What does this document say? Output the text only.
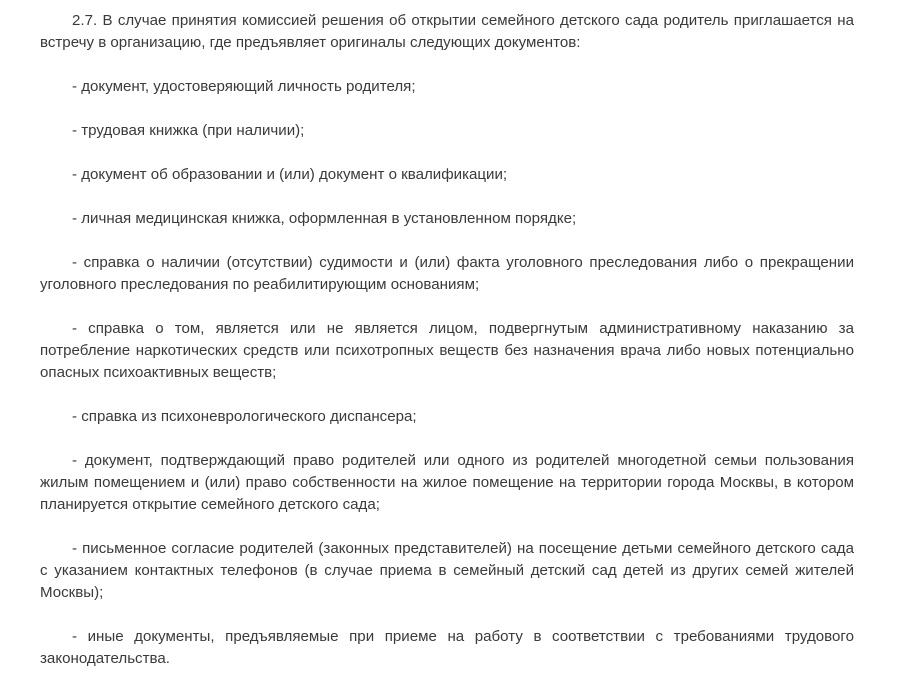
2.7. В случае принятия комиссией решения об открытии семейного детского сада родитель приглашается на встречу в организацию, где предъявляет оригиналы следующих документов:

- документ, удостоверяющий личность родителя;

- трудовая книжка (при наличии);

- документ об образовании и (или) документ о квалификации;

- личная медицинская книжка, оформленная в установленном порядке;

- справка о наличии (отсутствии) судимости и (или) факта уголовного преследования либо о прекращении уголовного преследования по реабилитирующим основаниям;

- справка о том, является или не является лицом, подвергнутым административному наказанию за потребление наркотических средств или психотропных веществ без назначения врача либо новых потенциально опасных психоактивных веществ;

- справка из психоневрологического диспансера;

- документ, подтверждающий право родителей или одного из родителей многодетной семьи пользования жилым помещением и (или) право собственности на жилое помещение на территории города Москвы, в котором планируется открытие семейного детского сада;

- письменное согласие родителей (законных представителей) на посещение детьми семейного детского сада с указанием контактных телефонов (в случае приема в семейный детский сад детей из других семей жителей Москвы);

- иные документы, предъявляемые при приеме на работу в соответствии с требованиями трудового законодательства.
